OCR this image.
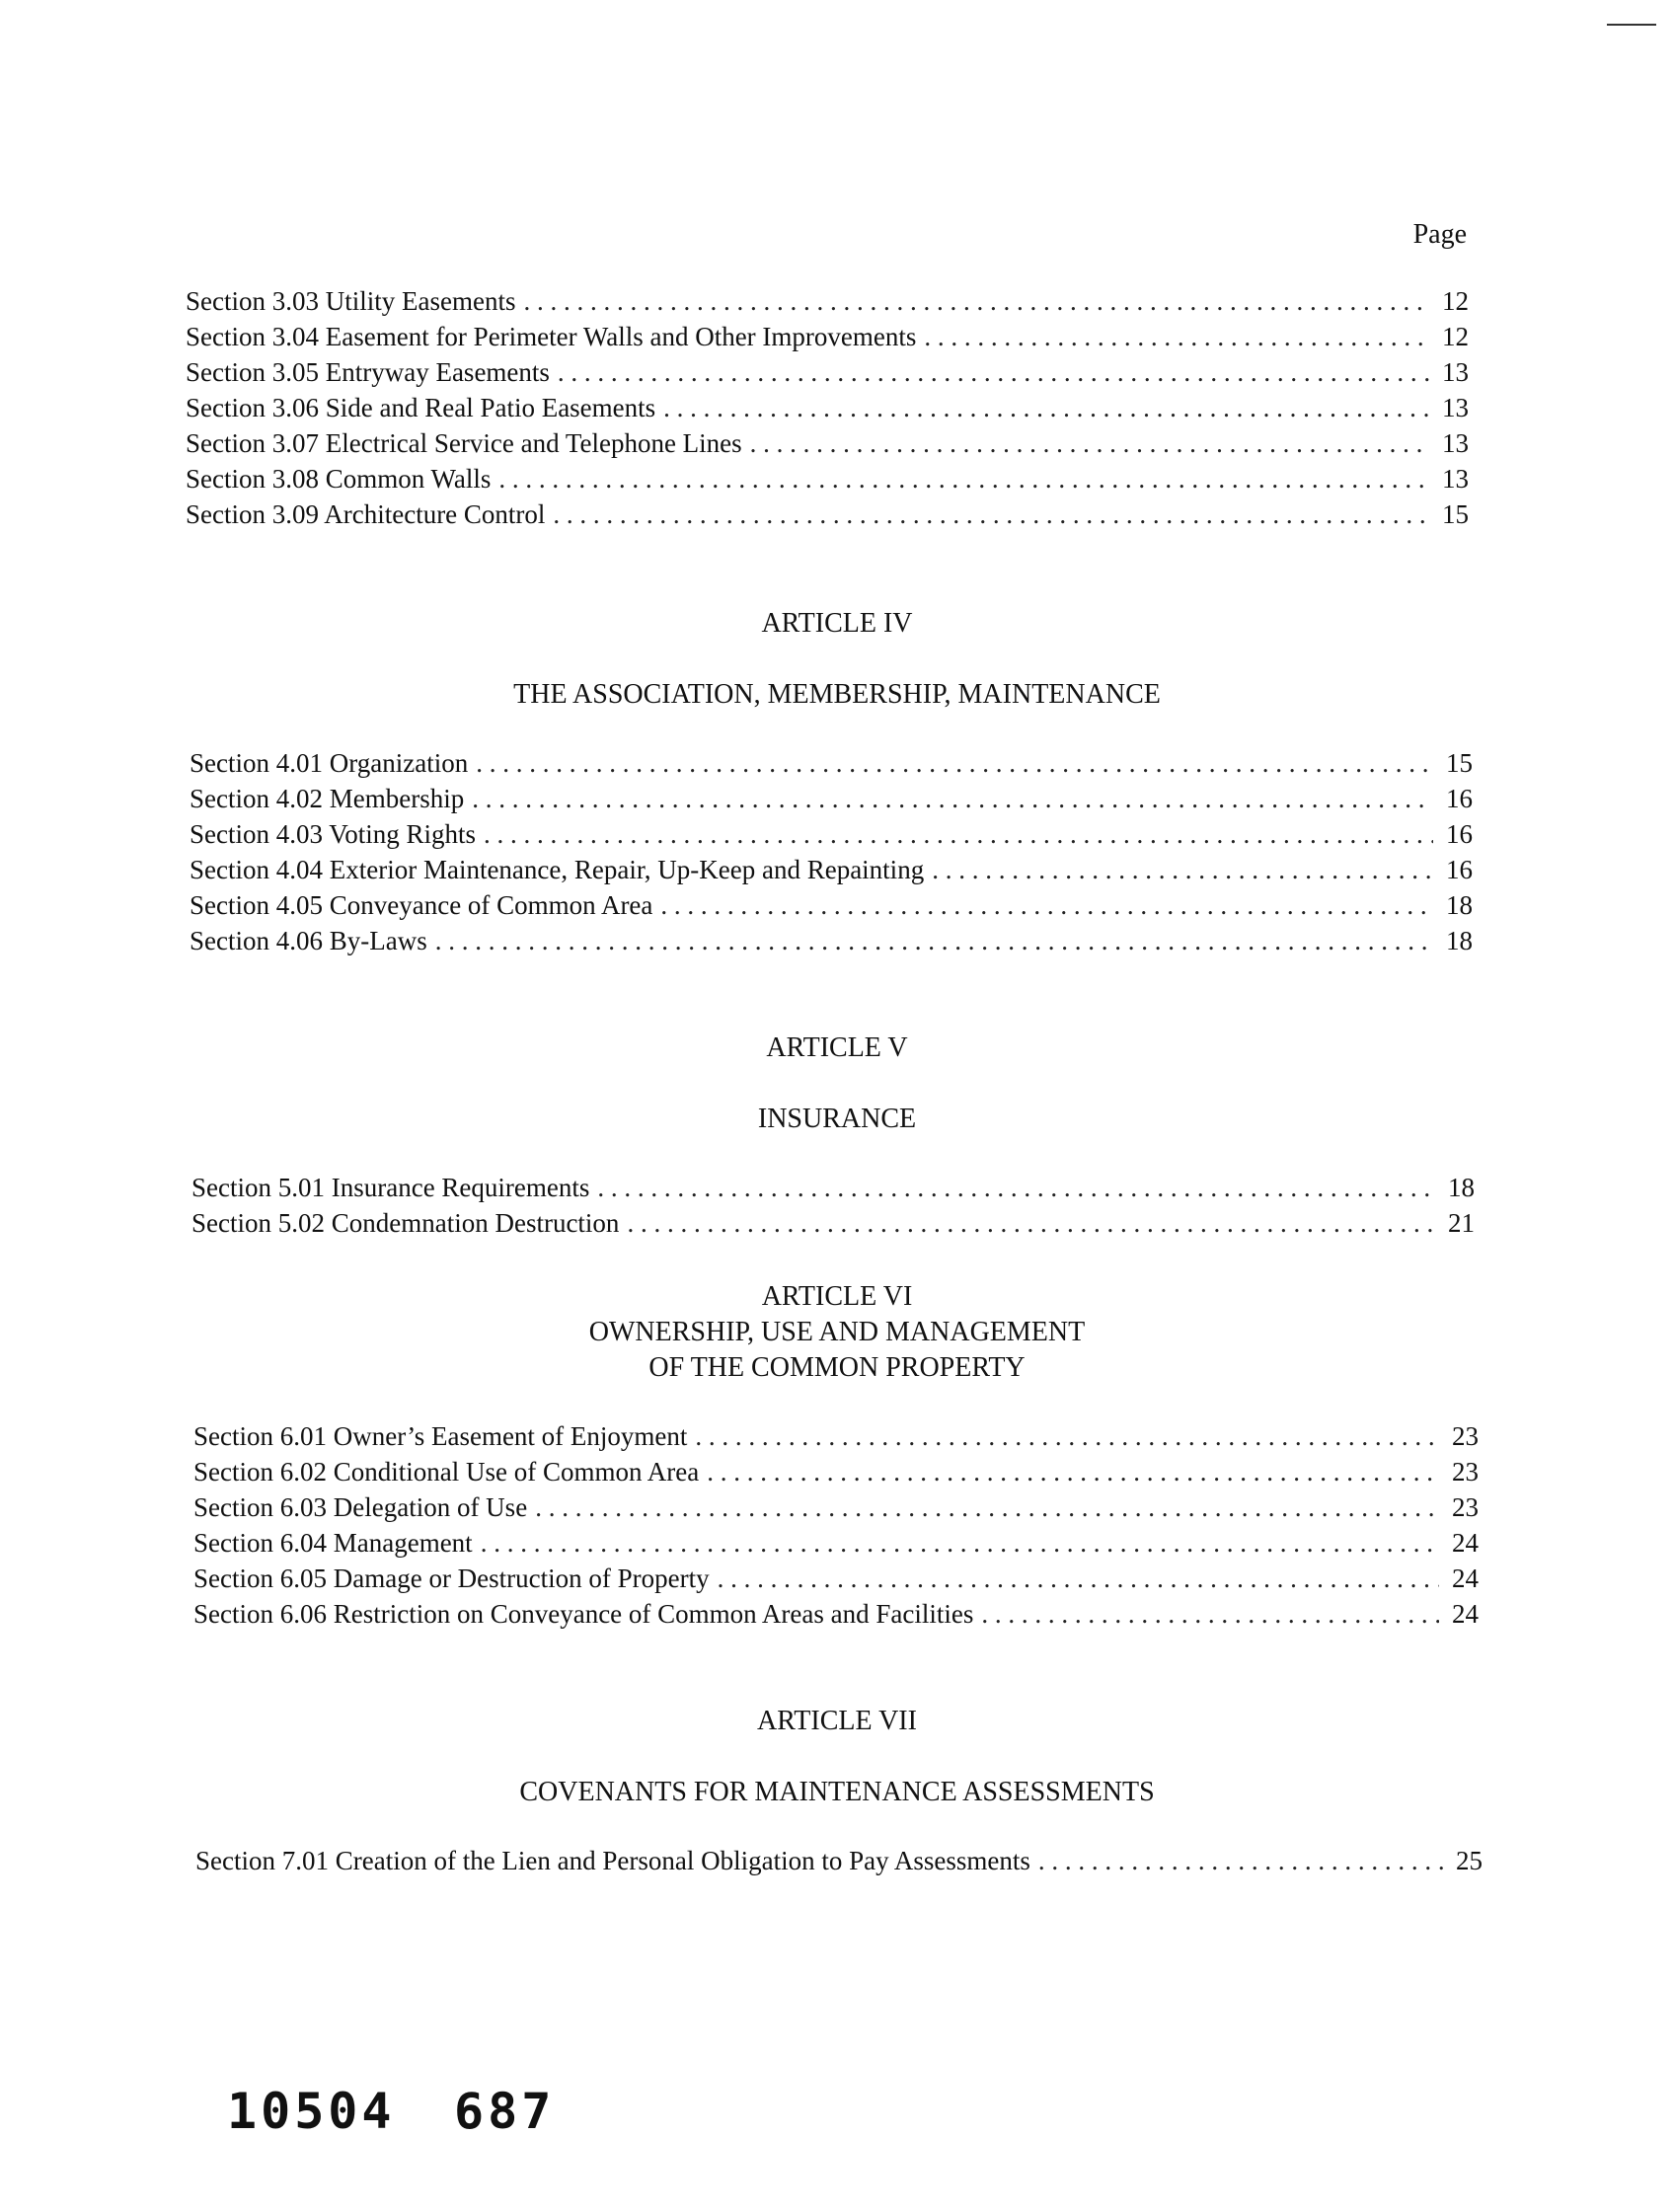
Page
Section 3.03 Utility Easements . . .	12
Section 3.04 Easement for Perimeter Walls and Other Improvements . . .	12
Section 3.05 Entryway Easements . . .	13
Section 3.06 Side and Real Patio Easements . . .	13
Section 3.07 Electrical Service and Telephone Lines . . .	13
Section 3.08 Common Walls . . .	13
Section 3.09 Architecture Control . . .	15
ARTICLE IV
THE ASSOCIATION, MEMBERSHIP, MAINTENANCE
Section 4.01 Organization . . .	15
Section 4.02 Membership . . .	16
Section 4.03 Voting Rights . . .	16
Section 4.04 Exterior Maintenance, Repair, Up-Keep and Repainting . . .	16
Section 4.05 Conveyance of Common Area . . .	18
Section 4.06 By-Laws . . .	18
ARTICLE V
INSURANCE
Section 5.01 Insurance Requirements . . .	18
Section 5.02 Condemnation Destruction . . .	21
ARTICLE VI
OWNERSHIP, USE AND MANAGEMENT
OF THE COMMON PROPERTY
Section 6.01 Owner’s Easement of Enjoyment . . .	23
Section 6.02 Conditional Use of Common Area . . .	23
Section 6.03 Delegation of Use . . .	23
Section 6.04 Management . . .	24
Section 6.05 Damage or Destruction of Property . . .	24
Section 6.06 Restriction on Conveyance of Common Areas and Facilities . . .	24
ARTICLE VII
COVENANTS FOR MAINTENANCE ASSESSMENTS
Section 7.01 Creation of the Lien and Personal Obligation to Pay Assessments . . .	25
10504 687
